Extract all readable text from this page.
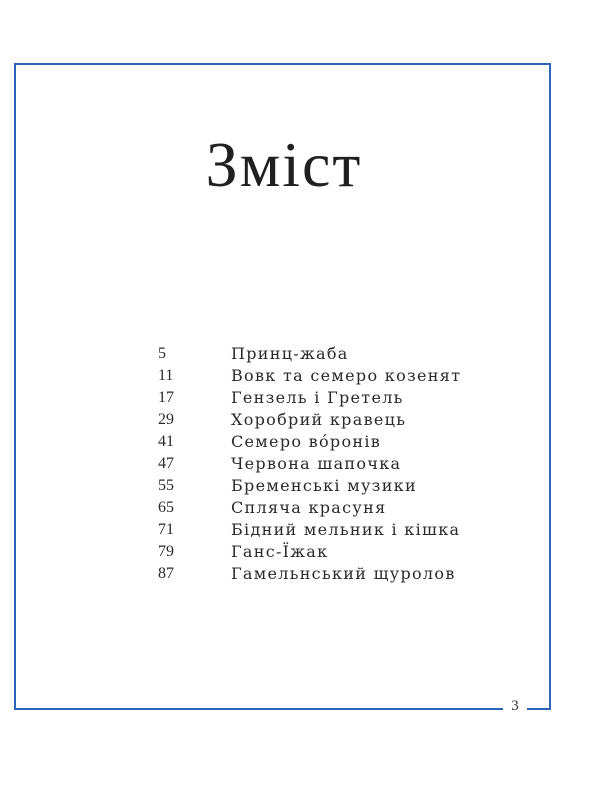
3
Зміст
5	Принц-жаба
11	Вовк та семеро козенят
17	Гензель і Гретель
29	Хоробрий кравець
41	Семеро вóронів
47	Червона шапочка
55	Бременські музики
65	Спляча красуня
71	Бідний мельник і кішка
79	Ганс-Їжак
87	Гамельнський щуролов
